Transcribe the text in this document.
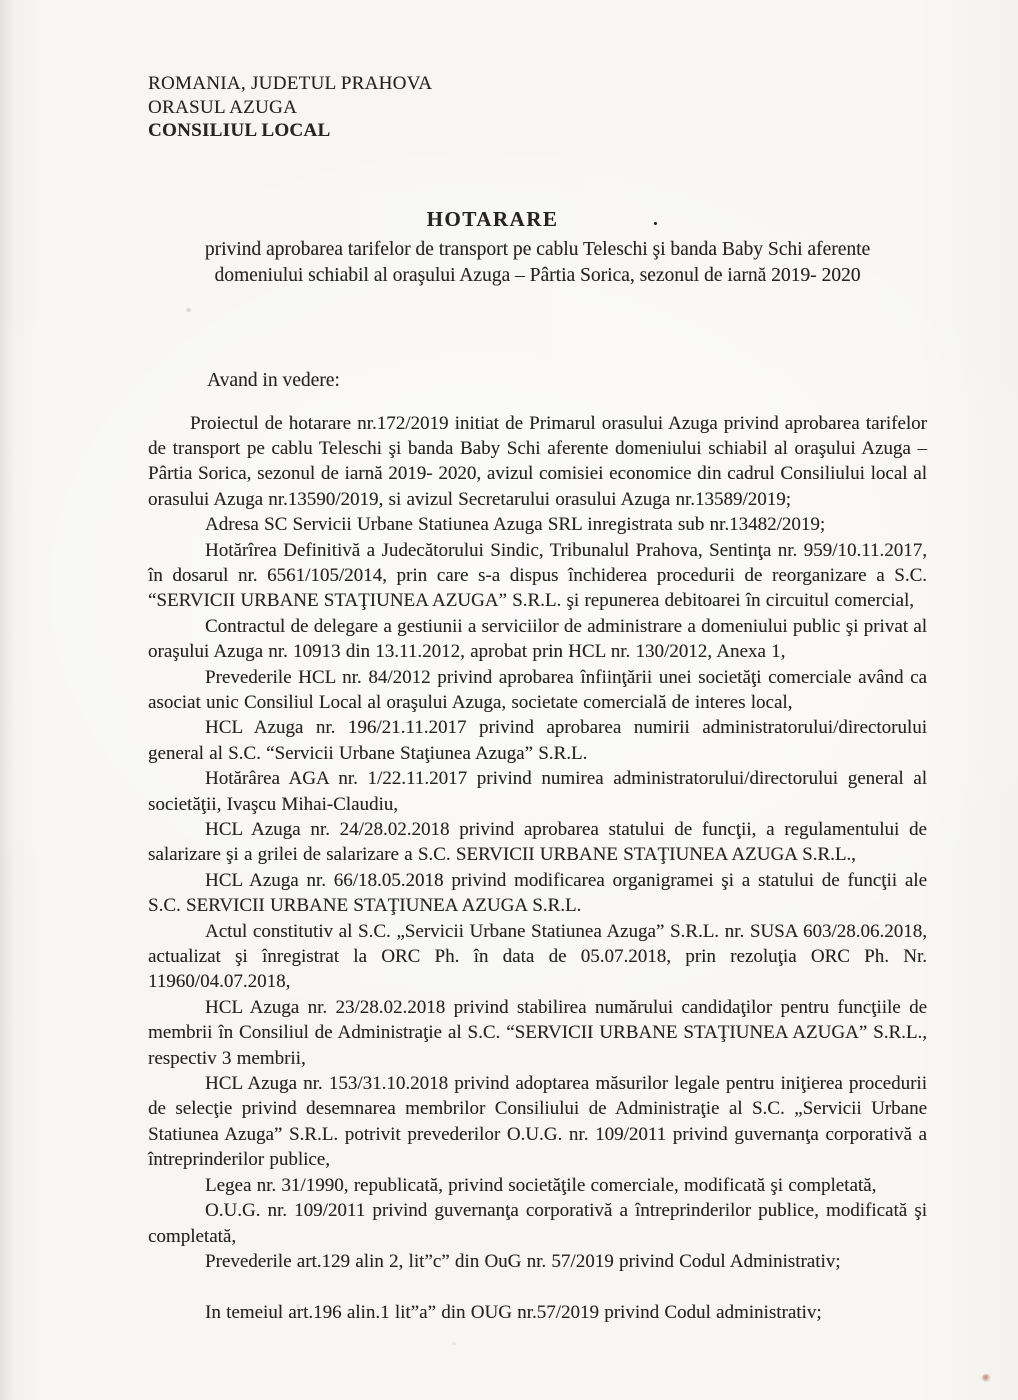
ROMANIA, JUDETUL PRAHOVA
ORASUL AZUGA
CONSILIUL LOCAL
HOTARARE	.
privind aprobarea tarifelor de transport pe cablu Teleschi şi banda Baby Schi aferente
domeniului schiabil al oraşului Azuga – Pârtia Sorica, sezonul de iarnă 2019- 2020

Avand in vedere:

Proiectul de hotarare nr.172/2019 initiat de Primarul orasului Azuga privind aprobarea tarifelor de transport pe cablu Teleschi şi banda Baby Schi aferente domeniului schiabil al oraşului Azuga – Pârtia Sorica, sezonul de iarnă 2019- 2020, avizul comisiei economice din cadrul Consiliului local al orasului Azuga nr.13590/2019, si avizul Secretarului orasului Azuga nr.13589/2019;

Adresa SC Servicii Urbane Statiunea Azuga SRL inregistrata sub nr.13482/2019;

Hotărîrea Definitivă a Judecătorului Sindic, Tribunalul Prahova, Sentinţa nr. 959/10.11.2017, în dosarul nr. 6561/105/2014, prin care s-a dispus închiderea procedurii de reorganizare a S.C. “SERVICII URBANE STAŢIUNEA AZUGA” S.R.L. şi repunerea debitoarei în circuitul comercial,

Contractul de delegare a gestiunii a serviciilor de administrare a domeniului public şi privat al oraşului Azuga nr. 10913 din 13.11.2012, aprobat prin HCL nr. 130/2012, Anexa 1,

Prevederile HCL nr. 84/2012 privind aprobarea înfiinţării unei societăţi comerciale având ca asociat unic Consiliul Local al oraşului Azuga, societate comercială de interes local,

HCL Azuga nr. 196/21.11.2017 privind aprobarea numirii administratorului/directorului general al S.C. “Servicii Urbane Staţiunea Azuga” S.R.L.

Hotărârea AGA nr. 1/22.11.2017 privind numirea administratorului/directorului general al societăţii, Ivaşcu Mihai-Claudiu,

HCL Azuga nr. 24/28.02.2018 privind aprobarea statului de funcţii, a regulamentului de salarizare şi a grilei de salarizare a S.C. SERVICII URBANE STAŢIUNEA AZUGA S.R.L.,

HCL Azuga nr. 66/18.05.2018 privind modificarea organigramei şi a statului de funcţii ale S.C. SERVICII URBANE STAŢIUNEA AZUGA S.R.L.

Actul constitutiv al S.C. „Servicii Urbane Statiunea Azuga” S.R.L. nr. SUSA 603/28.06.2018, actualizat şi înregistrat la ORC Ph. în data de 05.07.2018, prin rezoluţia ORC Ph. Nr. 11960/04.07.2018,

HCL Azuga nr. 23/28.02.2018 privind stabilirea numărului candidaţilor pentru funcţiile de membrii în Consiliul de Administraţie al S.C. “SERVICII URBANE STAŢIUNEA AZUGA” S.R.L., respectiv 3 membrii,

HCL Azuga nr. 153/31.10.2018 privind adoptarea măsurilor legale pentru iniţierea procedurii de selecţie privind desemnarea membrilor Consiliului de Administraţie al S.C. „Servicii Urbane Statiunea Azuga” S.R.L. potrivit prevederilor O.U.G. nr. 109/2011 privind guvernanţa corporativă a întreprinderilor publice,

Legea nr. 31/1990, republicată, privind societăţile comerciale, modificată şi completată,

O.U.G. nr. 109/2011 privind guvernanţa corporativă a întreprinderilor publice, modificată şi completată,

Prevederile art.129 alin 2, lit”c” din OuG nr. 57/2019 privind Codul Administrativ;

In temeiul art.196 alin.1 lit”a” din OUG nr.57/2019 privind Codul administrativ;
